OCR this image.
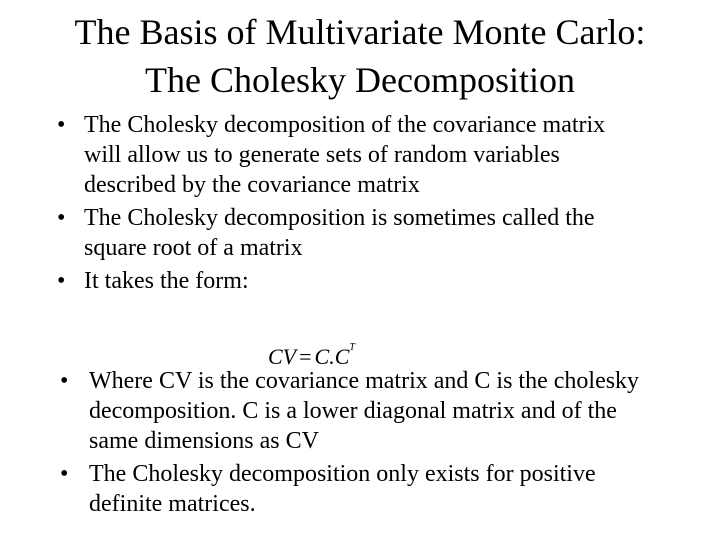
The Basis of Multivariate Monte Carlo:
The Cholesky Decomposition
• The Cholesky decomposition of the covariance matrix will allow us to generate sets of random variables described by the covariance matrix
• The Cholesky decomposition is sometimes called the square root of a matrix
• It takes the form:
CV = $C.C^T$
• Where CV is the covariance matrix and C is the cholesky decomposition. C is a lower diagonal matrix and of the same dimensions as CV
• The Cholesky decomposition only exists for positive definite matrices.
